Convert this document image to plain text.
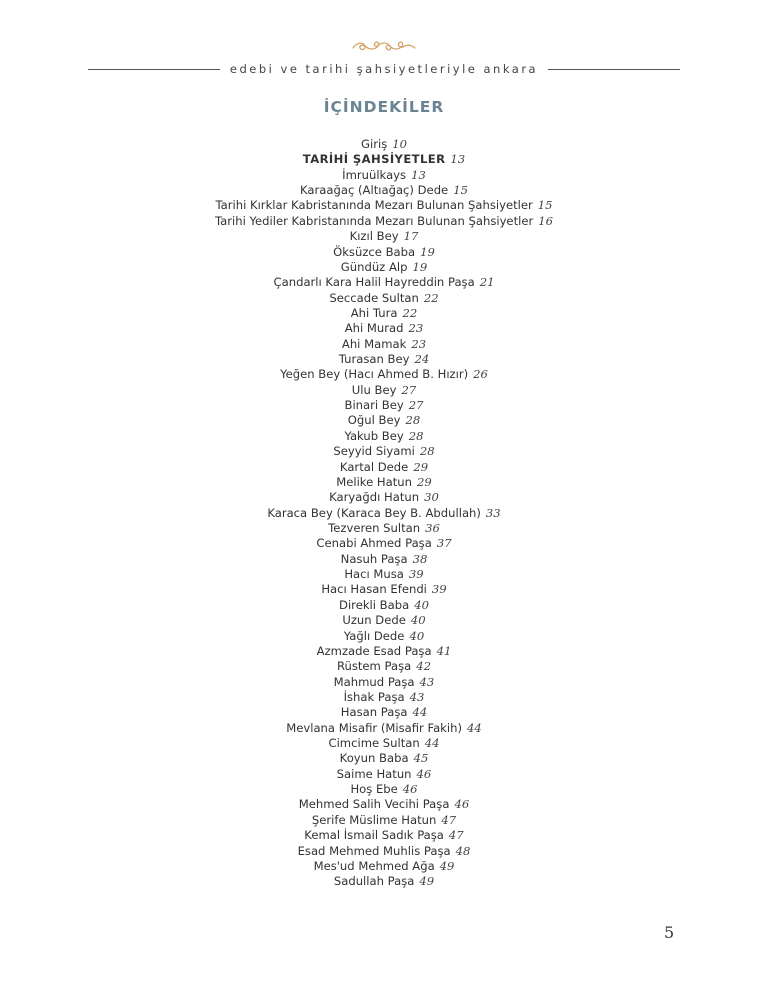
edebi ve tarihi şahsiyetleriyle ankara
İÇİNDEKİLER
Giriş 10
TARİHİ ŞAHSİYETLER 13
İmruülkays 13
Karaağaç (Altıağaç) Dede 15
Tarihi Kırklar Kabristanında Mezarı Bulunan Şahsiyetler 15
Tarihi Yediler Kabristanında Mezarı Bulunan Şahsiyetler 16
Kızıl Bey 17
Öksüzce Baba 19
Gündüz Alp 19
Çandarlı Kara Halil Hayreddin Paşa 21
Seccade Sultan 22
Ahi Tura 22
Ahi Murad 23
Ahi Mamak 23
Turasan Bey 24
Yeğen Bey (Hacı Ahmed B. Hızır) 26
Ulu Bey 27
Binari Bey 27
Oğul Bey 28
Yakub Bey 28
Seyyid Siyami 28
Kartal Dede 29
Melike Hatun 29
Karyağdı Hatun 30
Karaca Bey (Karaca Bey B. Abdullah) 33
Tezveren Sultan 36
Cenabi Ahmed Paşa 37
Nasuh Paşa 38
Hacı Musa 39
Hacı Hasan Efendi 39
Direkli Baba 40
Uzun Dede 40
Yağlı Dede 40
Azmzade Esad Paşa 41
Rüstem Paşa 42
Mahmud Paşa 43
İshak Paşa 43
Hasan Paşa 44
Mevlana Misafir (Misafir Fakih) 44
Cimcime Sultan 44
Koyun Baba 45
Saime Hatun 46
Hoş Ebe 46
Mehmed Salih Vecihi Paşa 46
Şerife Müslime Hatun 47
Kemal İsmail Sadık Paşa 47
Esad Mehmed Muhlis Paşa 48
Mes'ud Mehmed Ağa 49
Sadullah Paşa 49
5
